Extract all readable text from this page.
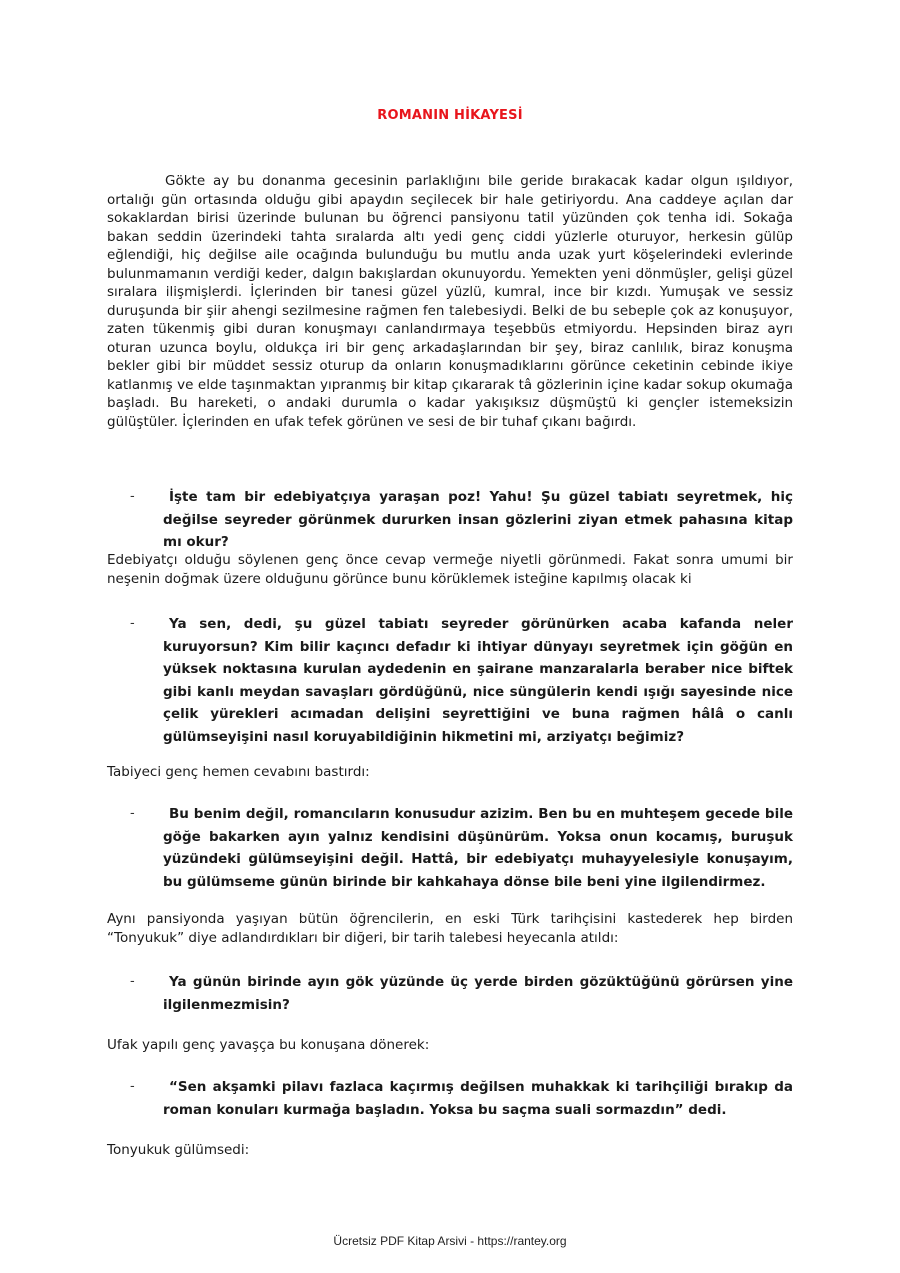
ROMANIN HİKAYESİ

Gökte ay bu donanma gecesinin parlaklığını bile geride bırakacak kadar olgun ışıldıyor, ortalığı gün ortasında olduğu gibi apaydın seçilecek bir hale getiriyordu. Ana caddeye açılan dar sokaklardan birisi üzerinde bulunan bu öğrenci pansiyonu tatil yüzünden çok tenha idi. Sokağa bakan seddin üzerindeki tahta sıralarda altı yedi genç ciddi yüzlerle oturuyor, herkesin gülüp eğlendiği, hiç değilse aile ocağında bulunduğu bu mutlu anda uzak yurt köşelerindeki evlerinde bulunmamanın verdiği keder, dalgın bakışlardan okunuyordu. Yemekten yeni dönmüşler, gelişi güzel sıralara ilişmişlerdi. İçlerinden bir tanesi güzel yüzlü, kumral, ince bir kızdı. Yumuşak ve sessiz duruşunda bir şiir ahengi sezilmesine rağmen fen talebesiydi. Belki de bu sebeple çok az konuşuyor, zaten tükenmiş gibi duran konuşmayı canlandırmaya teşebbüs etmiyordu. Hepsinden biraz ayrı oturan uzunca boylu, oldukça iri bir genç arkadaşlarından bir şey, biraz canlılık, biraz konuşma bekler gibi bir müddet sessiz oturup da onların konuşmadıklarını görünce ceketinin cebinde ikiye katlanmış ve elde taşınmaktan yıpranmış bir kitap çıkararak tâ gözlerinin içine kadar sokup okumağa başladı. Bu hareketi, o andaki durumla o kadar yakışıksız düşmüştü ki gençler istemeksizin gülüştüler. İçlerinden en ufak tefek görünen ve sesi de bir tuhaf çıkanı bağırdı.

-	İşte tam bir edebiyatçıya yaraşan poz! Yahu! Şu güzel tabiatı seyretmek, hiç değilse seyreder görünmek dururken insan gözlerini ziyan etmek pahasına kitap mı okur?

Edebiyatçı olduğu söylenen genç önce cevap vermeğe niyetli görünmedi. Fakat sonra umumi bir neşenin doğmak üzere olduğunu görünce bunu körüklemek isteğine kapılmış olacak ki

-	Ya sen, dedi, şu güzel tabiatı seyreder görünürken acaba kafanda neler kuruyorsun? Kim bilir kaçıncı defadır ki ihtiyar dünyayı seyretmek için göğün en yüksek noktasına kurulan aydedenin en şairane manzaralarla beraber nice biftek gibi kanlı meydan savaşları gördüğünü, nice süngülerin kendi ışığı sayesinde nice çelik yürekleri acımadan delişini seyrettiğini ve buna rağmen hâlâ o canlı gülümseyişini nasıl koruyabildiğinin hikmetini mi, arziyatçı beğimiz?

Tabiyeci genç hemen cevabını bastırdı:

-	Bu benim değil, romancıların konusudur azizim. Ben bu en muhteşem gecede bile göğe bakarken ayın yalnız kendisini düşünürüm. Yoksa onun kocamış, buruşuk yüzündeki gülümseyişini değil. Hattâ, bir edebiyatçı muhayyelesiyle konuşayım, bu gülümseme günün birinde bir kahkahaya dönse bile beni yine ilgilendirmez.

Aynı pansiyonda yaşıyan bütün öğrencilerin, en eski Türk tarihçisini kastederek hep birden “Tonyukuk” diye adlandırdıkları bir diğeri, bir tarih talebesi heyecanla atıldı:

-	Ya günün birinde ayın gök yüzünde üç yerde birden gözüktüğünü görürsen yine ilgilenmezmisin?

Ufak yapılı genç yavaşça bu konuşana dönerek:

-	“Sen akşamki pilavı fazlaca kaçırmış değilsen muhakkak ki tarihçiliği bırakıp da roman konuları kurmağa başladın. Yoksa bu saçma suali sormazdın” dedi.

Tonyukuk gülümsedi:

Ücretsiz PDF Kitap Arsivi - https://rantey.org
